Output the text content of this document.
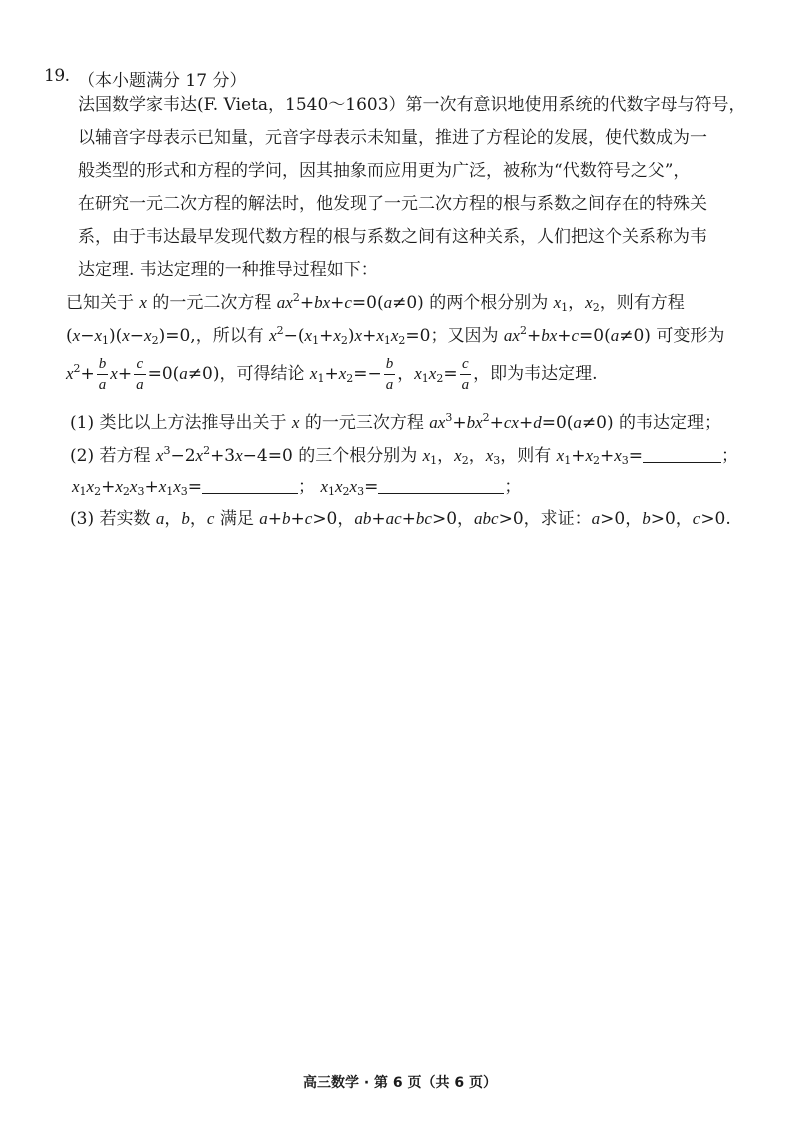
19. （本小题满分 17 分）
法国数学家韦达(F. Vieta，1540～1603）第一次有意识地使用系统的代数字母与符号，
以辅音字母表示已知量，元音字母表示未知量，推进了方程论的发展，使代数成为一
般类型的形式和方程的学问，因其抽象而应用更为广泛，被称为“代数符号之父”，
在研究一元二次方程的解法时，他发现了一元二次方程的根与系数之间存在的特殊关
系，由于韦达最早发现代数方程的根与系数之间有这种关系，人们把这个关系称为韦
达定理. 韦达定理的一种推导过程如下：
已知关于 x 的一元二次方程 $ax^2+bx+c=0(a\ne 0)$ 的两个根分别为 $x_1$，$x_2$，则有方程
$(x-x_1)(x-x_2)=0$,，所以有 $x^2-(x_1+x_2)x+x_1x_2=0$；又因为 $ax^2+bx+c=0(a\ne 0)$ 可变形为
$x^2+ \frac{b}{a} x+ \frac{c}{a} =0(a\ne 0)$，可得结论 $x_1+x_2=- \frac{b}{a}$ ，$x_1x_2= \frac{c}{a}$ ，即为韦达定理.
(1) 类比以上方法推导出关于 x 的一元三次方程 $ax^3+bx^2+cx+d=0(a\ne 0)$ 的韦达定理；
(2) 若方程 $x^3-2x^2+3x-4=0$ 的三个根分别为 $x_1$，$x_2$，$x_3$，则有 $x_1+x_2+x_3=$	；
$x_1x_2+x_2x_3+x_1x_3=$	； $x_1x_2x_3=$	；
(3) 若实数 a，b，c 满足 a+b+c>0，ab+ac+bc>0，abc>0，求证：a>0，b>0，c>0.
高三数学 · 第 6 页（共 6 页）
